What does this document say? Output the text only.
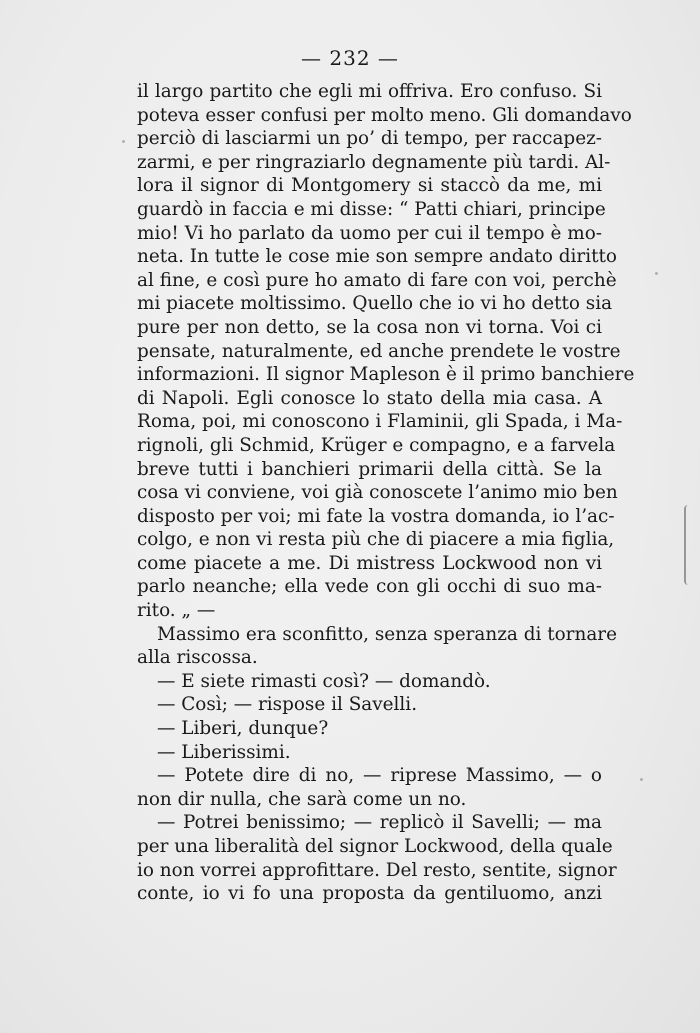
— 232 —
il largo partito che egli mi offriva. Ero confuso. Si
poteva esser confusi per molto meno. Gli domandavo
perciò di lasciarmi un po’ di tempo, per raccapez-
zarmi, e per ringraziarlo degnamente più tardi. Al-
lora il signor di Montgomery si staccò da me, mi
guardò in faccia e mi disse: “ Patti chiari, principe
mio! Vi ho parlato da uomo per cui il tempo è mo-
neta. In tutte le cose mie son sempre andato diritto
al fine, e così pure ho amato di fare con voi, perchè
mi piacete moltissimo. Quello che io vi ho detto sia
pure per non detto, se la cosa non vi torna. Voi ci
pensate, naturalmente, ed anche prendete le vostre
informazioni. Il signor Mapleson è il primo banchiere
di Napoli. Egli conosce lo stato della mia casa. A
Roma, poi, mi conoscono i Flaminii, gli Spada, i Ma-
rignoli, gli Schmid, Krüger e compagno, e a farvela
breve tutti i banchieri primarii della città. Se la
cosa vi conviene, voi già conoscete l’animo mio ben
disposto per voi; mi fate la vostra domanda, io l’ac-
colgo, e non vi resta più che di piacere a mia figlia,
come piacete a me. Di mistress Lockwood non vi
parlo neanche; ella vede con gli occhi di suo ma-
rito. „ —
Massimo era sconfitto, senza speranza di tornare
alla riscossa.
— E siete rimasti così? — domandò.
— Così; — rispose il Savelli.
— Liberi, dunque?
— Liberissimi.
— Potete dire di no, — riprese Massimo, — o
non dir nulla, che sarà come un no.
— Potrei benissimo; — replicò il Savelli; — ma
per una liberalità del signor Lockwood, della quale
io non vorrei approfittare. Del resto, sentite, signor
conte, io vi fo una proposta da gentiluomo, anzi
